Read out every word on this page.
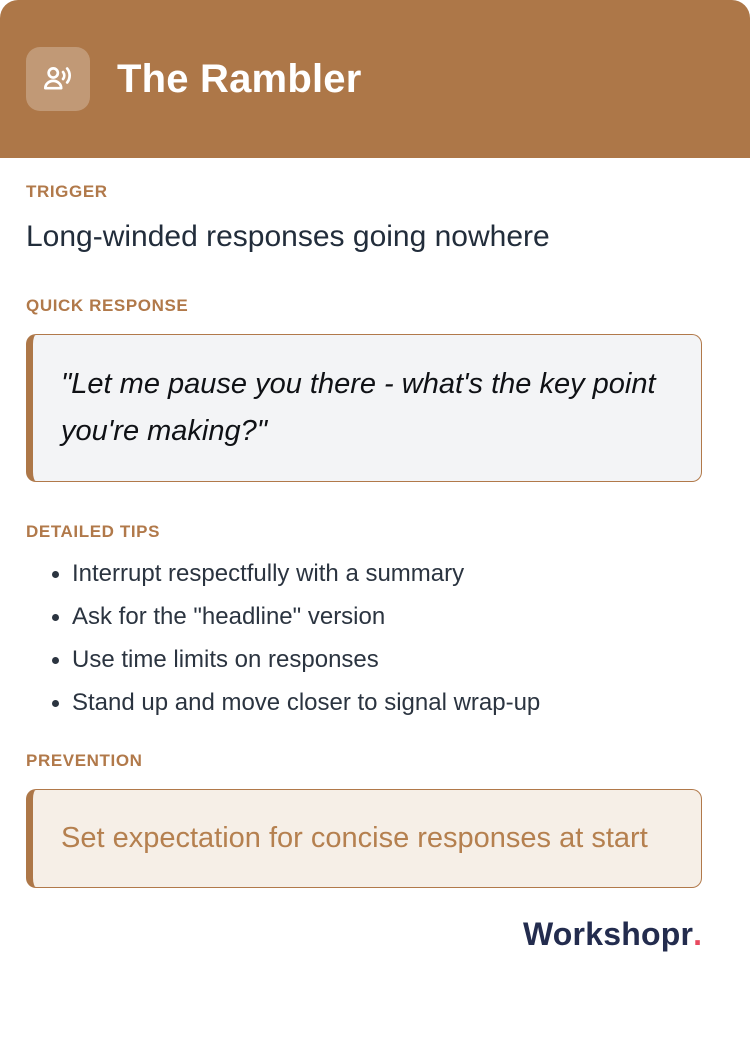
The Rambler
TRIGGER
Long-winded responses going nowhere
QUICK RESPONSE
"Let me pause you there - what's the key point you're making?"
DETAILED TIPS
• Interrupt respectfully with a summary
• Ask for the "headline" version
• Use time limits on responses
• Stand up and move closer to signal wrap-up
PREVENTION
Set expectation for concise responses at start
Workshopr.
